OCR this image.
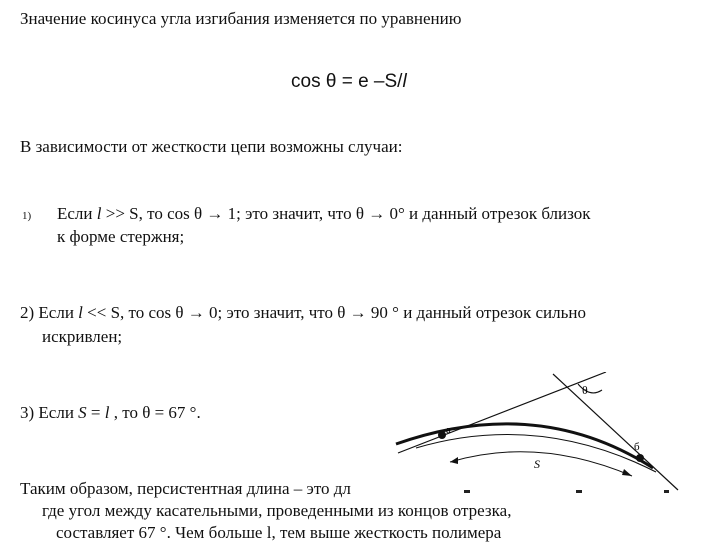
Значение косинуса угла изгибания изменяется по уравнению
cos θ = e –S/l
В зависимости от жесткости цепи возможны случаи:
1) Если l >> S, то cos θ → 1; это значит, что θ → 0° и данный отрезок близок
к форме стержня;
2) Если l << S, то cos θ → 0; это значит, что θ → 90 ° и данный отрезок сильно
искривлен;
3) Если S = l , то θ = 67 °.
Таким образом, персистентная длина – это дл
где угол между касательными, проведенными из концов отрезка,
составляет 67 °. Чем больше l, тем выше жесткость полимера
θ
a
б
S
